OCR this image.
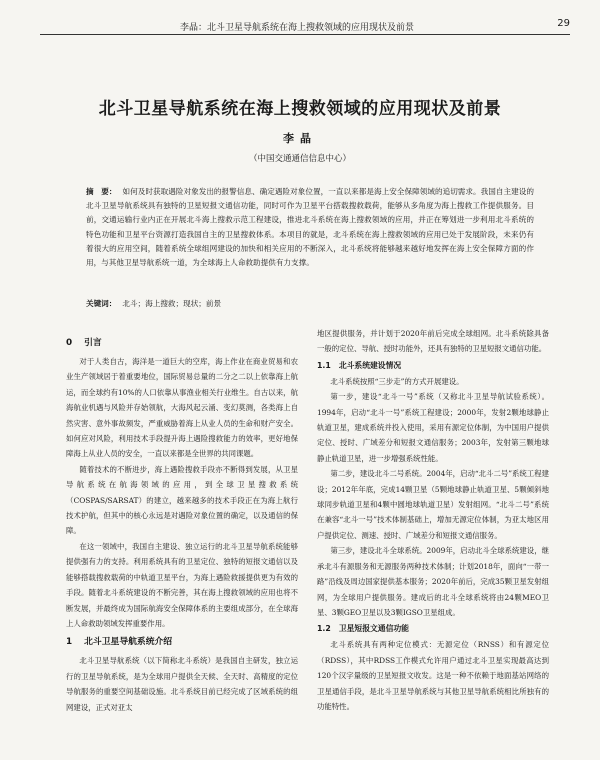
李晶：北斗卫星导航系统在海上搜救领域的应用现状及前景	29
北斗卫星导航系统在海上搜救领域的应用现状及前景
李晶
（中国交通通信信息中心）
摘　要： 如何及时获取遇险对象发出的报警信息、确定遇险对象位置，一直以来都是海上安全保障领域的追切需求。我国自主建设的北斗卫星导航系统具有独特的卫星短报文通信功能，同时可作为卫星平台搭载搜救载荷，能够从多角度为海上搜救工作提供服务。目前，交通运输行业内正在开展北斗海上搜救示范工程建设，推进北斗系统在海上搜救领域的应用，并正在筹划进一步利用北斗系统的特色功能和卫星平台资源打造我国自主的卫星搜救体系。本项目的就是，北斗系统在海上搜救领域的应用已处于发展阶段，未来仍有着很大的应用空间，随着系统全球组网建设的加快和相关应用的不断深入，北斗系统将能够越来越好地发挥在海上安全保障方面的作用，与其他卫星导航系统一道，为全球海上人命救助提供有力支撑。
关键词： 北斗；海上搜救；现状；前景
0 引言

对于人类自古，海洋是一道巨大的空库，海上作业在商业贸易和农业生产领域居于着重要地位，国际贸易总量的二分之二以上依靠海上航运，而全球约有10%的人口依靠从事渔业相关行业维生。自古以来，航海航业机遇与风险并存始领航，大海风起云涌、变幻莫测，各类海上自然灾害、意外事故频发，严重威胁着海上从业人员的生命和财产安全。如何应对风险，利用技术手段提升海上遇险搜救能力的效率，更好地保障海上从业人员的安全，一直以来都是全世界的共同课题。

随着技术的不断进步，海上遇险搜救手段亦不断得到发展，从卫星导航系统在航海领域的应用，到全球卫星搜救系统（COSPAS/SARSAT）的建立，越来越多的技术手段正在为海上航行技术护航，但其中的核心永远是对遇险对象位置的确定，以及通信的保障。

在这一领域中，我国自主建设、独立运行的北斗卫星导航系统能够提供强有力的支持。利用系统具有的卫星定位、独特的短报文通信以及能够搭载搜救载荷的中轨道卫星平台，为海上遇险救援提供更为有效的手段。随着北斗系统建设的不断完善，其在海上搜救领域的应用也将不断发展，并最终成为国际航海安全保障体系的主要组成部分，在全球海上人命救助领域发挥重要作用。

1 北斗卫星导航系统介绍

北斗卫星导航系统（以下简称北斗系统）是我国自主研发，独立运行的卫星导航系统，是为全球用户提供全天候、全天时、高精度的定位导航服务的重要空间基础设施。北斗系统目前已经完成了区域系统的组网建设，正式对亚太

地区提供服务，并计划于2020年前后完成全球组网。北斗系统除具备一般的定位、导航、授时功能外，还具有独特的卫星短报文通信功能。

1.1 北斗系统建设情况

北斗系统按照“三步走”的方式开展建设。

第一步，建设“北斗一号”系统（又称北斗卫星导航试验系统）。1994年，启动“北斗一号”系统工程建设；2000年，发射2颗地球静止轨道卫星，建成系统并投入使用，采用有源定位体制，为中国用户提供定位、授时、广域差分和短报文通信服务；2003年，发射第三颗地球静止轨道卫星，进一步增强系统性能。

第二步，建设北斗二号系统。2004年，启动“北斗二号”系统工程建设；2012年年底，完成14颗卫星（5颗地球静止轨道卫星、5颗倾斜地球同步轨道卫星和4颗中圆地球轨道卫星）发射组网。“北斗二号”系统在兼容“北斗一号”技术体制基础上，增加无源定位体制，为亚太地区用户提供定位、测速、授时、广域差分和短报文通信服务。

第三步，建设北斗全球系统。2009年，启动北斗全球系统建设，继承北斗有源服务和无源服务两种技术体制；计划2018年，面向“一带一路”沿线及周边国家提供基本服务；2020年前后，完成35颗卫星发射组网，为全球用户提供服务。建成后的北斗全球系统将由24颗MEO卫星、3颗GEO卫星以及3颗IGSO卫星组成。

1.2 卫星短报文通信功能

北斗系统具有两种定位模式：无源定位（RNSS）和有源定位（RDSS），其中RDSS工作模式允许用户通过北斗卫星实现最高达到120个汉字量级的卫星短报文收发。这是一种不依赖于地面基站网络的卫星通信手段，是北斗卫星导航系统与其他卫星导航系统相比所独有的功能特性。
